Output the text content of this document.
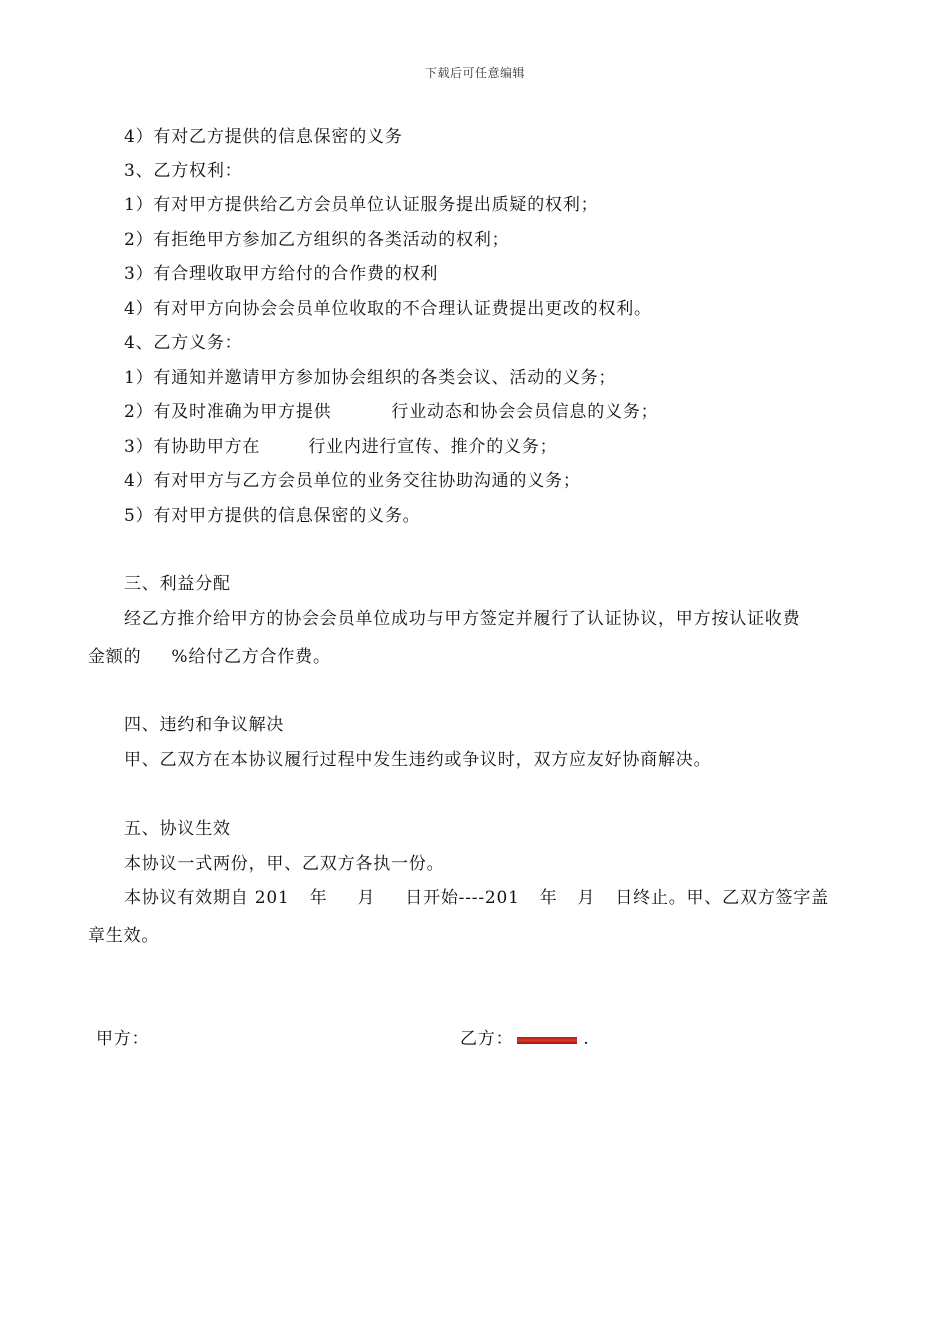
下载后可任意编辑
4）有对乙方提供的信息保密的义务
3、乙方权利：
1）有对甲方提供给乙方会员单位认证服务提出质疑的权利；
2）有拒绝甲方参加乙方组织的各类活动的权利；
3）有合理收取甲方给付的合作费的权利
4）有对甲方向协会会员单位收取的不合理认证费提出更改的权利。
4、乙方义务：
1）有通知并邀请甲方参加协会组织的各类会议、活动的义务；
2）有及时准确为甲方提供	行业动态和协会会员信息的义务；
3）有协助甲方在	行业内进行宣传、推介的义务；
4）有对甲方与乙方会员单位的业务交往协助沟通的义务；
5）有对甲方提供的信息保密的义务。
三、利益分配
经乙方推介给甲方的协会会员单位成功与甲方签定并履行了认证协议，甲方按认证收费
金额的 %给付乙方合作费。
四、违约和争议解决
甲、乙双方在本协议履行过程中发生违约或争议时，双方应友好协商解决。
五、协议生效
本协议一式两份，甲、乙双方各执一份。
本协议有效期自 201 年 月 日开始----201 年 月 日终止。甲、乙双方签字盖
章生效。
甲方：	乙方：	.
